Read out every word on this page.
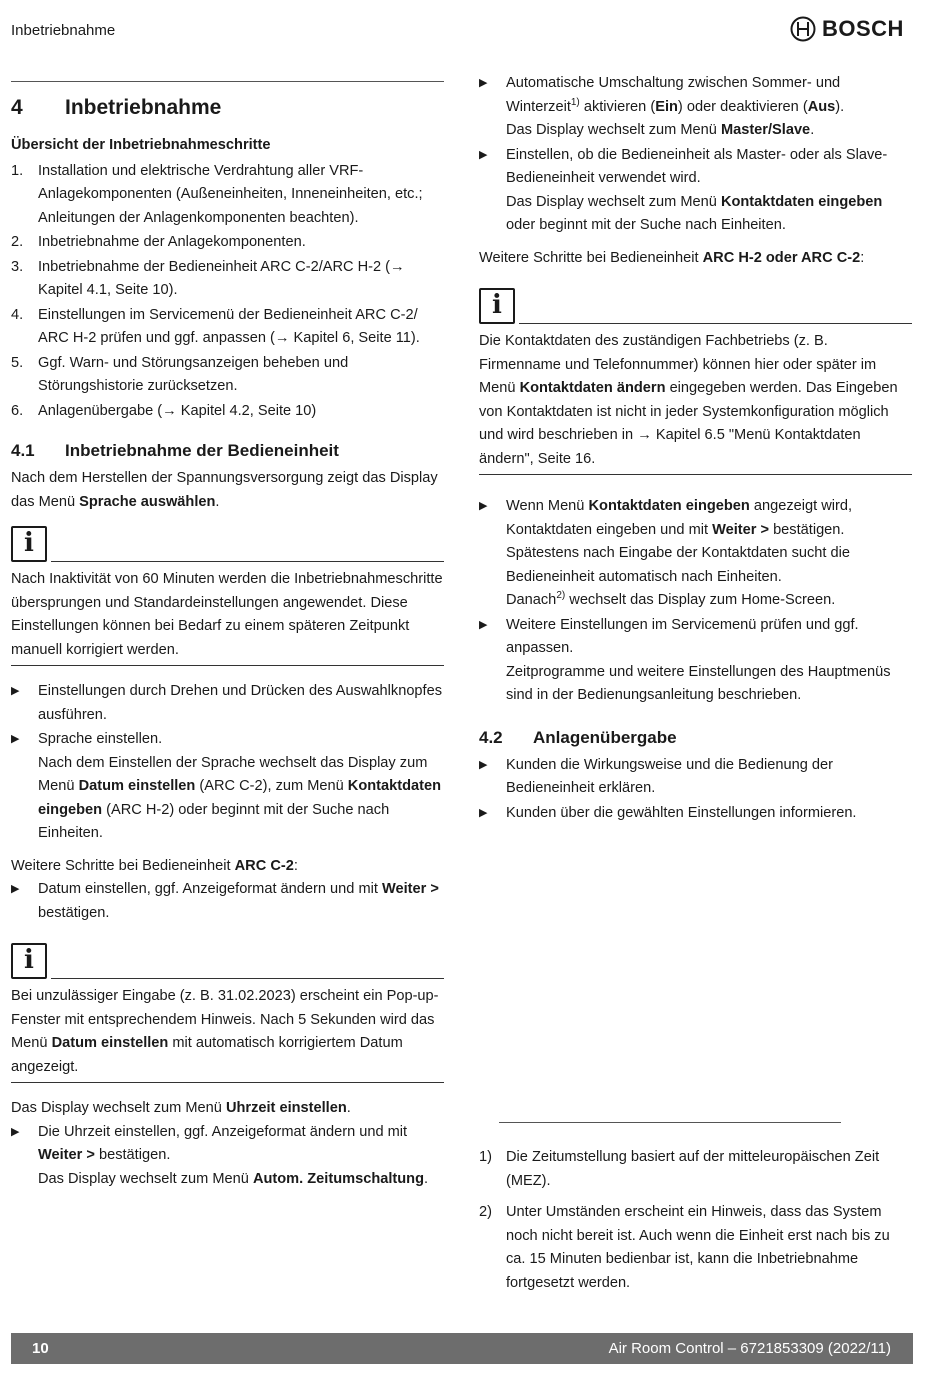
Inbetriebnahme	BOSCH
4 Inbetriebnahme
Übersicht der Inbetriebnahmeschritte
1.	Installation und elektrische Verdrahtung aller VRF-Anlagekomponenten (Außeneinheiten, Inneneinheiten, etc.; Anleitungen der Anlagenkomponenten beachten).
2.	Inbetriebnahme der Anlagekomponenten.
3.	Inbetriebnahme der Bedieneinheit ARC C-2/ARC H-2 (→ Kapitel 4.1, Seite 10).
4.	Einstellungen im Servicemenü der Bedieneinheit ARC C-2/ ARC H-2 prüfen und ggf. anpassen (→ Kapitel 6, Seite 11).
5.	Ggf. Warn- und Störungsanzeigen beheben und Störungshistorie zurücksetzen.
6.	Anlagenübergabe (→ Kapitel 4.2, Seite 10)
4.1 Inbetriebnahme der Bedieneinheit

Nach dem Herstellen der Spannungsversorgung zeigt das Display das Menü Sprache auswählen.

i

Nach Inaktivität von 60 Minuten werden die Inbetriebnahmeschritte übersprungen und Standardeinstellungen angewendet. Diese Einstellungen können bei Bedarf zu einem späteren Zeitpunkt manuell korrigiert werden.

▶	Einstellungen durch Drehen und Drücken des Auswahlknopfes ausführen.
▶	Sprache einstellen.
Nach dem Einstellen der Sprache wechselt das Display zum Menü Datum einstellen (ARC C-2), zum Menü Kontaktdaten eingeben (ARC H-2) oder beginnt mit der Suche nach Einheiten.

Weitere Schritte bei Bedieneinheit ARC C-2:

▶	Datum einstellen, ggf. Anzeigeformat ändern und mit Weiter > bestätigen.
i

Bei unzulässiger Eingabe (z. B. 31.02.2023) erscheint ein Pop-up-Fenster mit entsprechendem Hinweis. Nach 5 Sekunden wird das Menü Datum einstellen mit automatisch korrigiertem Datum angezeigt.

Das Display wechselt zum Menü Uhrzeit einstellen.

▶	Die Uhrzeit einstellen, ggf. Anzeigeformat ändern und mit Weiter > bestätigen.
Das Display wechselt zum Menü Autom. Zeitumschaltung.
▶	Automatische Umschaltung zwischen Sommer- und Winterzeit$^{1)}$ aktivieren (Ein) oder deaktivieren (Aus).
Das Display wechselt zum Menü Master/Slave.
▶	Einstellen, ob die Bedieneinheit als Master- oder als Slave-Bedieneinheit verwendet wird.
Das Display wechselt zum Menü Kontaktdaten eingeben oder beginnt mit der Suche nach Einheiten.

Weitere Schritte bei Bedieneinheit ARC H-2 oder ARC C-2:

i

Die Kontaktdaten des zuständigen Fachbetriebs (z. B. Firmenname und Telefonnummer) können hier oder später im Menü Kontaktdaten ändern eingegeben werden. Das Eingeben von Kontaktdaten ist nicht in jeder Systemkonfiguration möglich und wird beschrieben in → Kapitel 6.5 "Menü Kontaktdaten ändern", Seite 16.

▶	Wenn Menü Kontaktdaten eingeben angezeigt wird, Kontaktdaten eingeben und mit Weiter > bestätigen.
Spätestens nach Eingabe der Kontaktdaten sucht die Bedieneinheit automatisch nach Einheiten.
Danach$^{2)}$ wechselt das Display zum Home-Screen.
▶	Weitere Einstellungen im Servicemenü prüfen und ggf. anpassen.
Zeitprogramme und weitere Einstellungen des Hauptmenüs sind in der Bedienungsanleitung beschrieben.
4.2 Anlagenübergabe
▶	Kunden die Wirkungsweise und die Bedienung der Bedieneinheit erklären.
▶	Kunden über die gewählten Einstellungen informieren.
1) Die Zeitumstellung basiert auf der mitteleuropäischen Zeit (MEZ).
2) Unter Umständen erscheint ein Hinweis, dass das System noch nicht bereit ist. Auch wenn die Einheit erst nach bis zu ca. 15 Minuten bedienbar ist, kann die Inbetriebnahme fortgesetzt werden.
10	Air Room Control – 6721853309 (2022/11)
